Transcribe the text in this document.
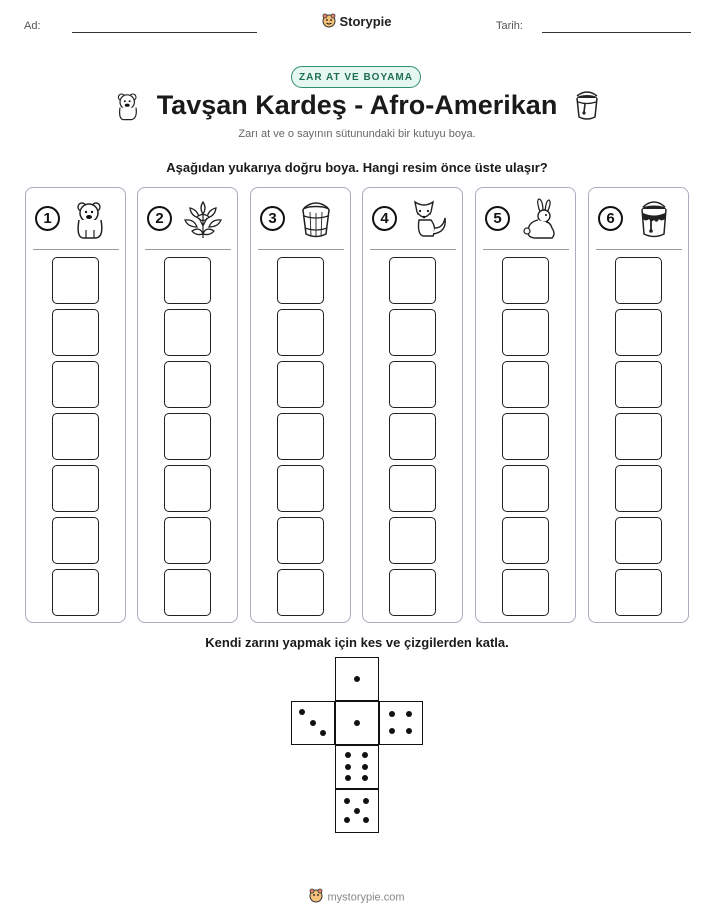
Ad:	Tarih:
Storypie
ZAR AT VE BOYAMA
Tavşan Kardeş - Afro-Amerikan
Zarı at ve o sayının sütunundaki bir kutuyu boya.
Aşağıdan yukarıya doğru boya. Hangi resim önce üste ulaşır?
1	2	3	4	5	6
Kendi zarını yapmak için kes ve çizgilerden katla.
mystorypie.com
